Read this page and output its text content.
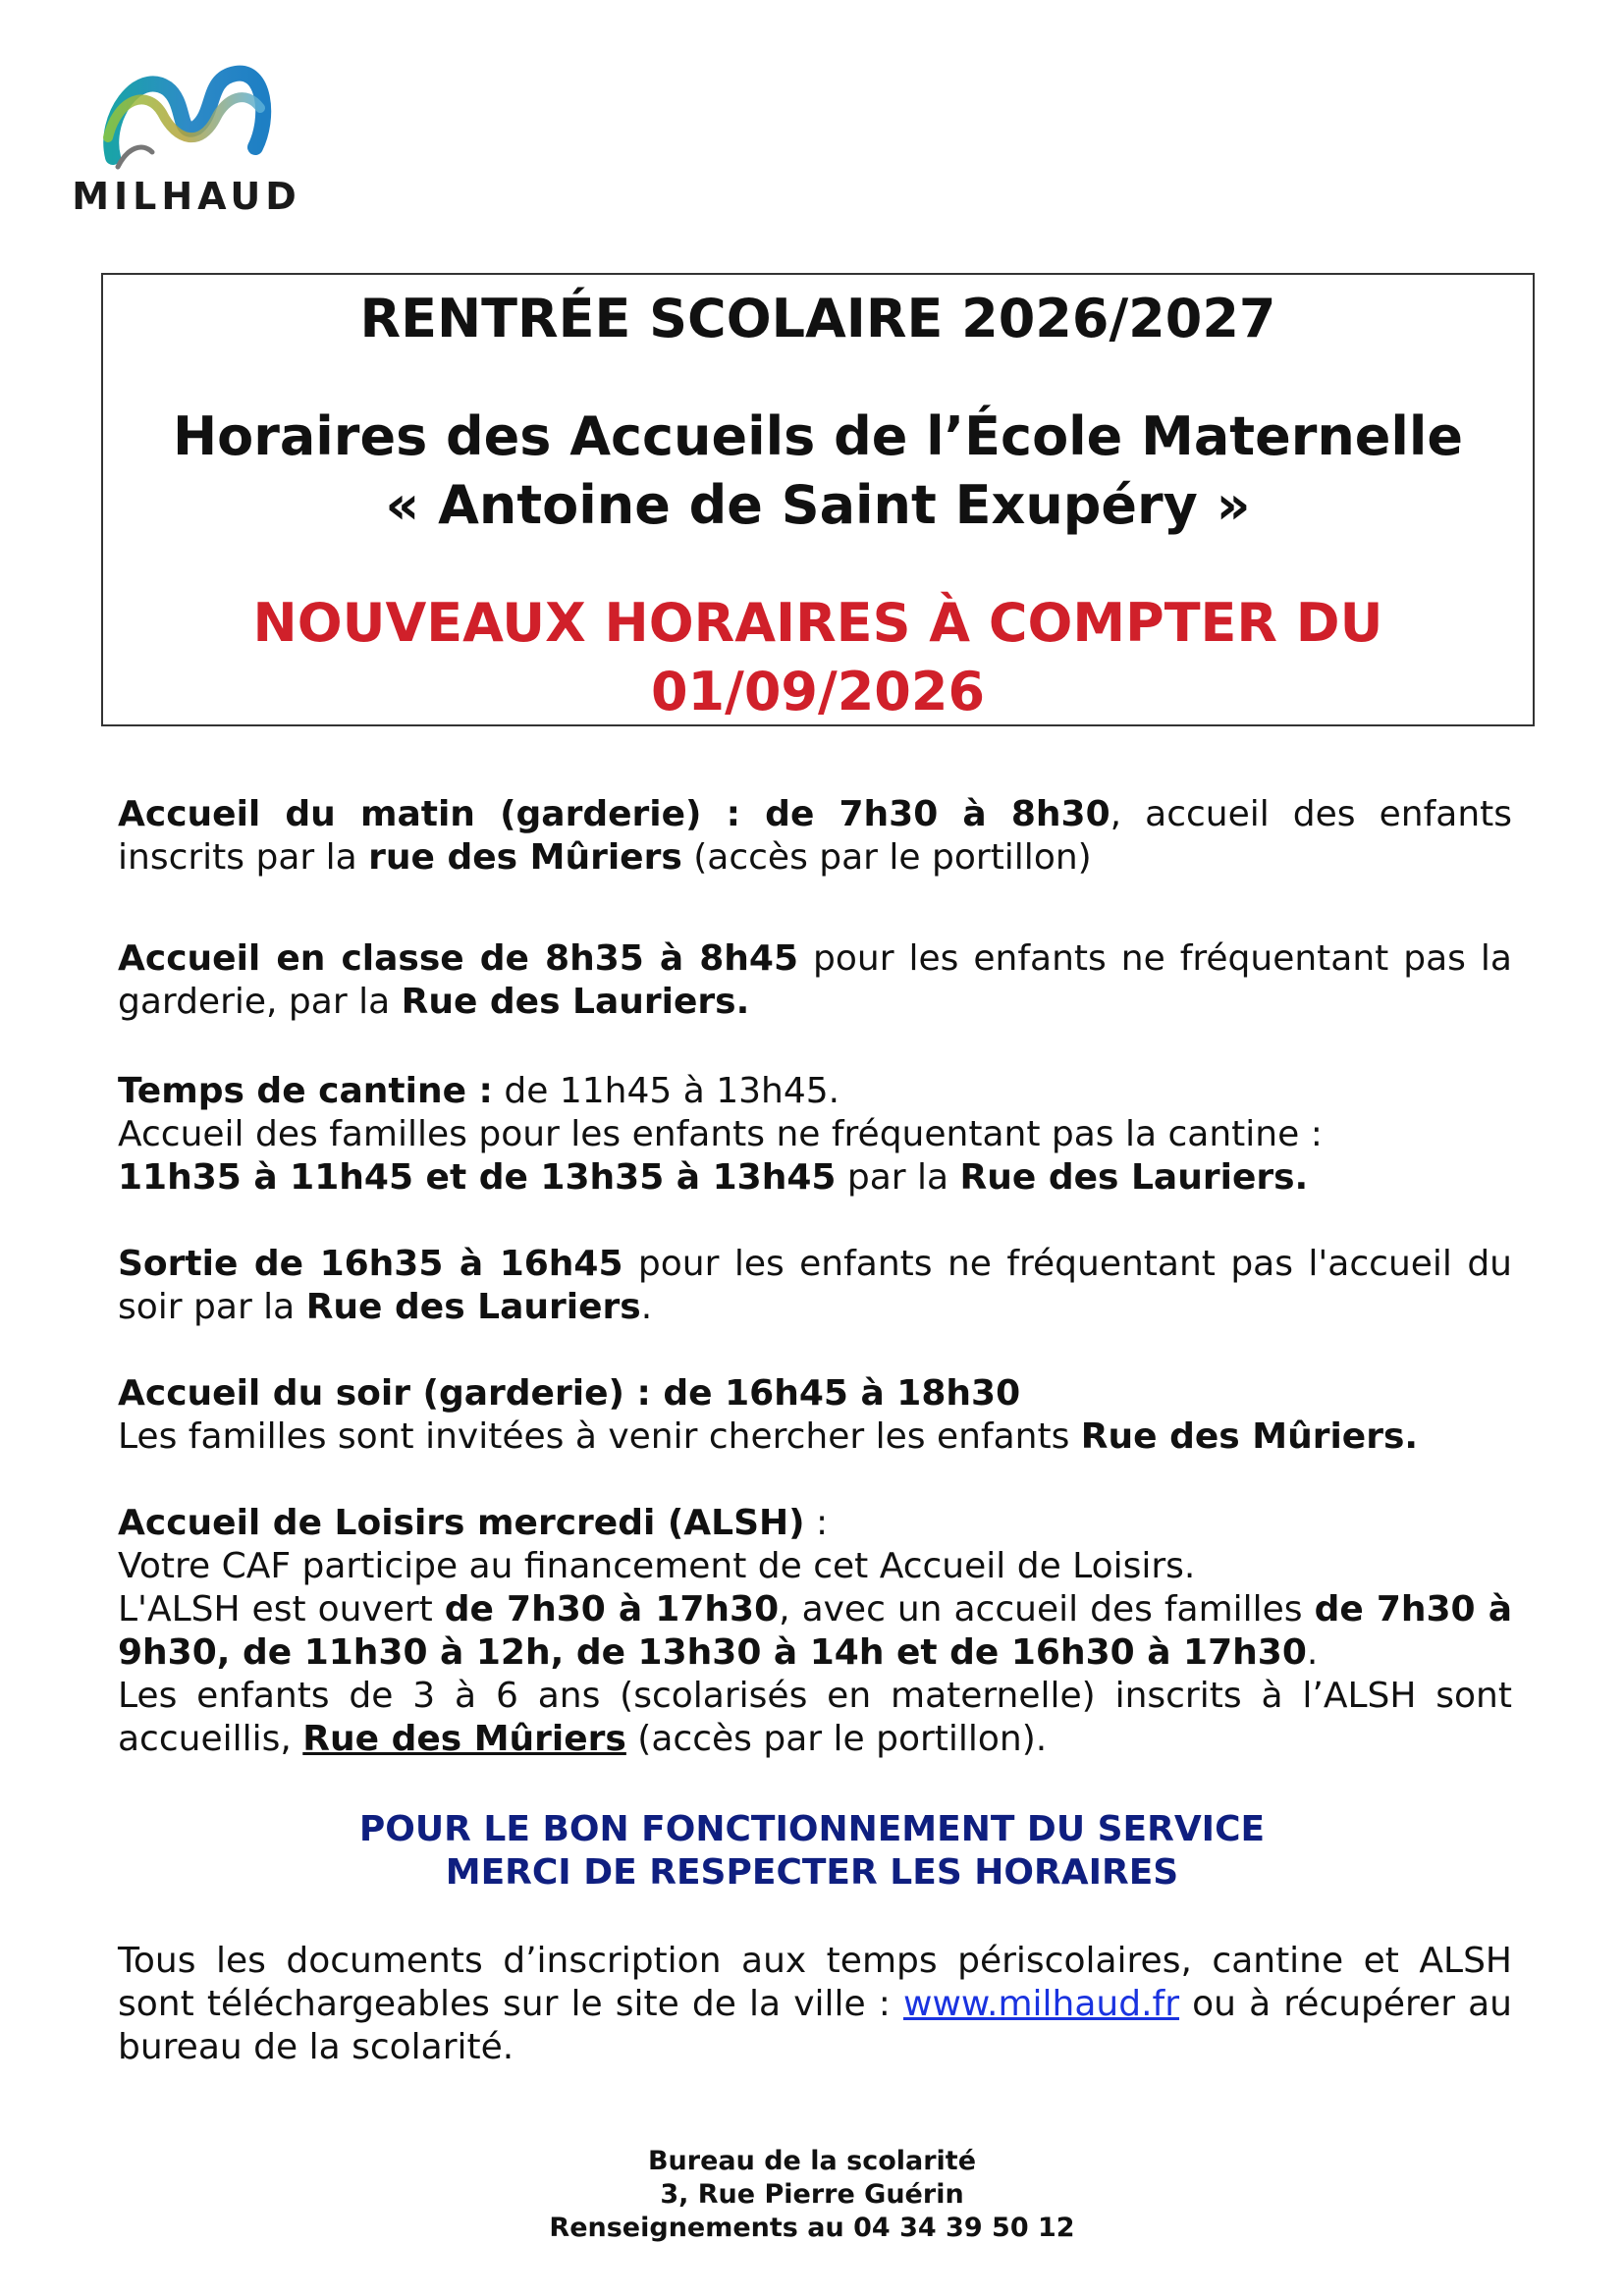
MILHAUD
RENTRÉE SCOLAIRE 2026/2027
Horaires des Accueils de l’École Maternelle
« Antoine de Saint Exupéry »
NOUVEAUX HORAIRES À COMPTER DU
01/09/2026

Accueil du matin (garderie) : de 7h30 à 8h30, accueil des enfants inscrits par la rue des Mûriers (accès par le portillon)

Accueil en classe de 8h35 à 8h45 pour les enfants ne fréquentant pas la garderie, par la Rue des Lauriers.

Temps de cantine : de 11h45 à 13h45.

Accueil des familles pour les enfants ne fréquentant pas la cantine :

11h35 à 11h45 et de 13h35 à 13h45 par la Rue des Lauriers.

Sortie de 16h35 à 16h45 pour les enfants ne fréquentant pas l'accueil du soir par la Rue des Lauriers.

Accueil du soir (garderie) : de 16h45 à 18h30

Les familles sont invitées à venir chercher les enfants Rue des Mûriers.

Accueil de Loisirs mercredi (ALSH) :

Votre CAF participe au financement de cet Accueil de Loisirs.

L'ALSH est ouvert de 7h30 à 17h30, avec un accueil des familles de 7h30 à 9h30, de 11h30 à 12h, de 13h30 à 14h et de 16h30 à 17h30.

Les enfants de 3 à 6 ans (scolarisés en maternelle) inscrits à l’ALSH sont accueillis, Rue des Mûriers (accès par le portillon).

POUR LE BON FONCTIONNEMENT DU SERVICE
MERCI DE RESPECTER LES HORAIRES

Tous les documents d’inscription aux temps périscolaires, cantine et ALSH sont téléchargeables sur le site de la ville : www.milhaud.fr ou à récupérer au bureau de la scolarité.

Bureau de la scolarité
3, Rue Pierre Guérin
Renseignements au 04 34 39 50 12
